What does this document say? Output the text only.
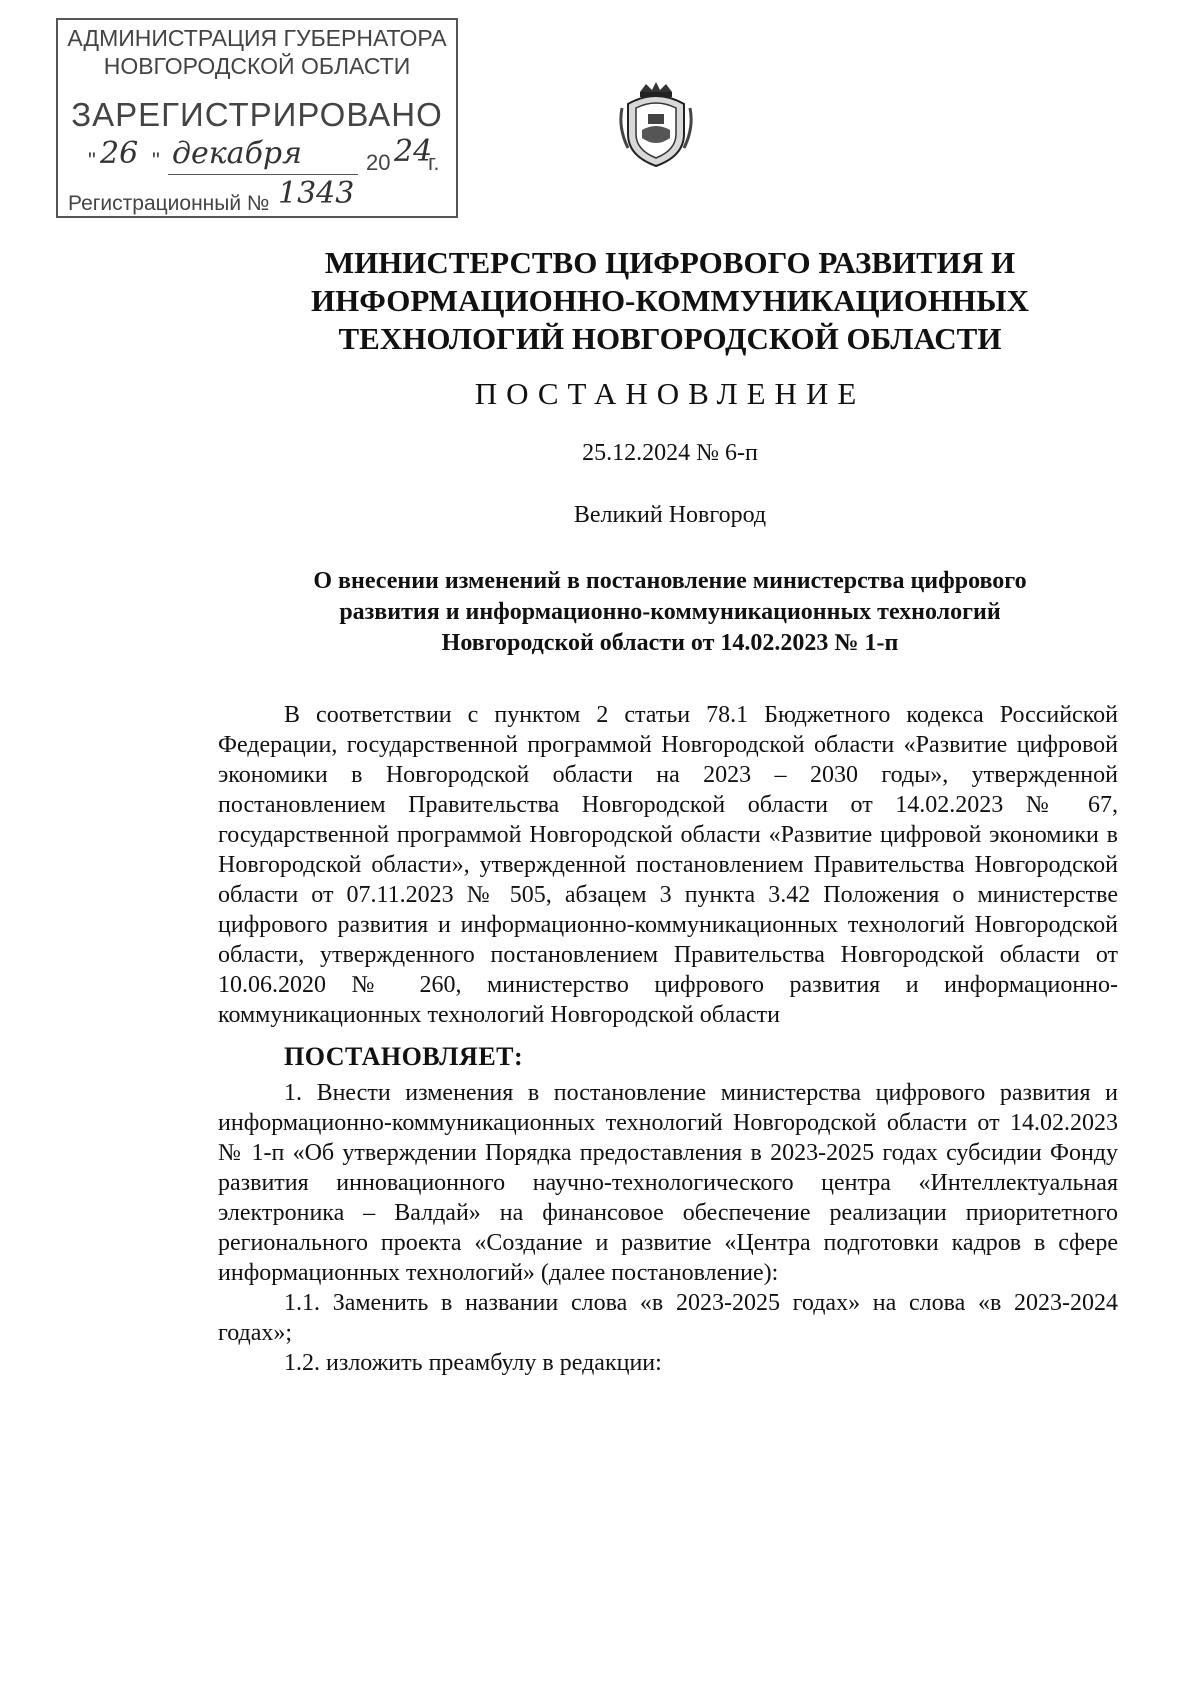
АДМИНИСТРАЦИЯ ГУБЕРНАТОРА
НОВГОРОДСКОЙ ОБЛАСТИ
ЗАРЕГИСТРИРОВАНО
" 26 " декабря	20 24
г.
Регистрационный № 1343
МИНИСТЕРСТВО ЦИФРОВОГО РАЗВИТИЯ И
ИНФОРМАЦИОННО-КОММУНИКАЦИОННЫХ
ТЕХНОЛОГИЙ НОВГОРОДСКОЙ ОБЛАСТИ
ПОСТАНОВЛЕНИЕ
25.12.2024 № 6-п
Великий Новгород
О внесении изменений в постановление министерства цифрового
развития и информационно-коммуникационных технологий
Новгородской области от 14.02.2023 № 1-п

В соответствии с пунктом 2 статьи 78.1 Бюджетного кодекса Российской Федерации, государственной программой Новгородской области «Развитие цифровой экономики в Новгородской области на 2023 – 2030 годы», утвержденной постановлением Правительства Новгородской области от 14.02.2023 № 67, государственной программой Новгородской области «Развитие цифровой экономики в Новгородской области», утвержденной постановлением Правительства Новгородской области от 07.11.2023 № 505, абзацем 3 пункта 3.42 Положения о министерстве цифрового развития и информационно-коммуникационных технологий Новгородской области, утвержденного постановлением Правительства Новгородской области от 10.06.2020 № 260, министерство цифрового развития и информационно-коммуникационных технологий Новгородской области

ПОСТАНОВЛЯЕТ:

1. Внести изменения в постановление министерства цифрового развития и информационно-коммуникационных технологий Новгородской области от 14.02.2023 № 1-п «Об утверждении Порядка предоставления в 2023-2025 годах субсидии Фонду развития инновационного научно-технологического центра «Интеллектуальная электроника – Валдай» на финансовое обеспечение реализации приоритетного регионального проекта «Создание и развитие «Центра подготовки кадров в сфере информационных технологий» (далее постановление):

1.1. Заменить в названии слова «в 2023-2025 годах» на слова «в 2023-2024 годах»;

1.2. изложить преамбулу в редакции:
